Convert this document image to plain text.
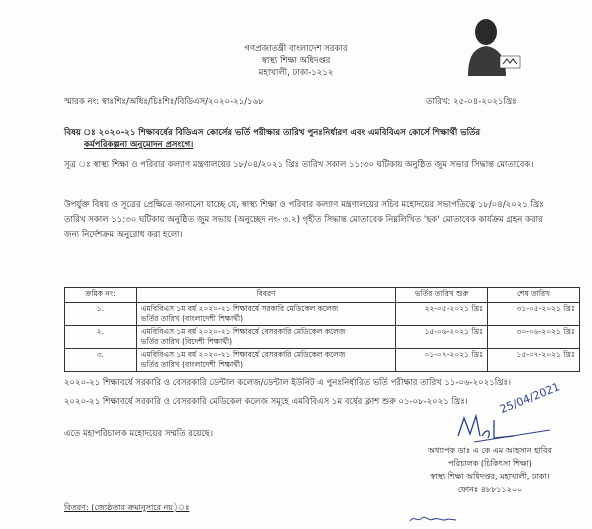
গণপ্রজাতন্ত্রী বাংলাদেশ সরকার
স্বাস্থ্য শিক্ষা অধিদপ্তর
মহাখালী, ঢাকা-১২১২
স্মারক নং: স্বাঃশিঃ/অধিঃ/চিঃশিঃ/বিডিএস/২০২০-২১/১৬৮	তারিখ: ২৫-০৪-২০২১খ্রিঃ
বিষয় ঃ ২০২০-২১ শিক্ষাবর্ষের বিডিএস কোর্সের ভর্তি পরীক্ষার তারিখ পুনঃনির্ধারণ এবং এমবিবিএস কোর্সে শিক্ষার্থী ভর্তির
কর্মপরিকল্পনা অনুমোদন প্রসংগে।
সূত্র ঃ স্বাস্থ্য শিক্ষা ও পরিবার কল্যাণ মন্ত্রণালয়ের ১৮/০৪/২০২১ খ্রিঃ তারিখ সকাল ১১:৩০ ঘটিকায় অনুষ্ঠিত জুম সভার সিদ্ধান্ত মোতাবেক।
উপর্যুক্ত বিষয় ও সূত্রের প্রেক্ষিতে জানানো যাচ্ছে যে, স্বাস্থ্য শিক্ষা ও পরিবার কল্যাণ মন্ত্রণালয়ের সচিব মহোদয়ের সভাপতিত্বে ১৮/০৪/২০২১ খ্রিঃ তারিখ সকাল ১১:৩০ ঘটিকায় অনুষ্ঠিত জুম সভায় (অনুচ্ছেদ নং- ৩.২) গৃহীত সিদ্ধান্ত মোতাবেক নিম্নলিখিত 'ছক' মোতাবেক কার্যক্রম গ্রহন করার জন্য নির্দেশক্রম অনুরোধ করা হলো।
ক্রমিক নং:	বিবরণ	ভর্তির তারিখ শুরু	শেষ তারিখ
১.	এমবিবিএস ১ম বর্ষ ২০২০-২১ শিক্ষাবর্ষে সরকারি মেডিকেল কলেজ
ভর্তির তারিখ (বাংলাদেশী শিক্ষার্থী)	২২-০৫-২০২১ খ্রিঃ	৩১-০৫-২০২১ খ্রিঃ
২.	এমবিবিএস ১ম বর্ষ ২০২০-২১ শিক্ষাবর্ষে বেসরকারি মেডিকেল কলেজ
ভর্তির তারিখ (বিদেশী শিক্ষার্থী)	১৫-০৬-২০২১ খ্রিঃ	৩০-০৬-২০২১ খ্রিঃ
৩.	এমবিবিএস ১ম বর্ষ ২০২০-২১ শিক্ষাবর্ষে বেসরকারি মেডিকেল কলেজ
ভর্তির তারিখ (বাংলাদেশী শিক্ষার্থী)	০১-০৭-২০২১ খ্রিঃ	১৫-০৭-২০২১ খ্রিঃ
২০২০-২১ শিক্ষাবর্ষে সরকারি ও বেসরকারি ডেন্টাল কলেজ/ডেন্টাল ইউনিট এ পুনঃনির্ধারিত ভর্তি পরীক্ষার তারিখ ১১-০৬-২০২১খ্রিঃ।
২০২০-২১ শিক্ষাবর্ষে সরকারি ও বেসরকারি মেডিকেল কলেজ সমূহে এমবিবিএস ১ম বর্ষের ক্লাশ শুরু ০১-০৮-২০২১ খ্রিঃ।
এতে মহাপরিচালক মহোদয়ের সম্মতি রয়েছে।
25/04/2021
অধ্যাপক ডাঃ এ কে এম আহসান হাবিব
পরিচালক (চিকিৎসা শিক্ষা)
স্বাস্থ্য শিক্ষা অধিদপ্তর, মহাখালী, ঢাকা।
ফোনঃ ৪৮৮১১২০০
বিতরণ: (জ্যেষ্ঠতার ক্রমানুসারে নয়)ঃ
